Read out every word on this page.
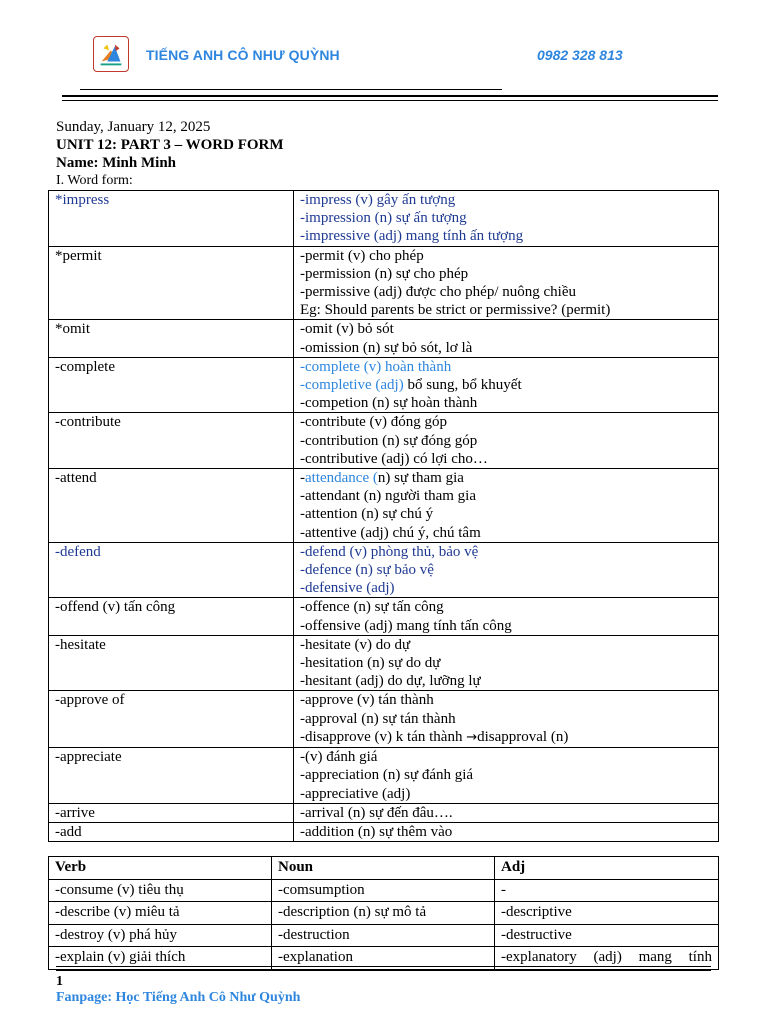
TIẾNG ANH CÔ NHƯ QUỲNH	0982 328 813
Sunday, January 12, 2025
UNIT 12: PART 3 – WORD FORM
Name: Minh Minh
I. Word form:
*impress	-impress (v) gây ấn tượng
-impression (n) sự ấn tượng
-impressive (adj) mang tính ấn tượng

*permit	-permit (v) cho phép
-permission (n) sự cho phép
-permissive (adj) được cho phép/ nuông chiều
Eg: Should parents be strict or permissive? (permit)

*omit	-omit (v) bỏ sót
-omission (n) sự bỏ sót, lơ là

-complete	-complete (v) hoàn thành
-completive (adj) bổ sung, bổ khuyết
-competion (n) sự hoàn thành

-contribute	-contribute (v) đóng góp
-contribution (n) sự đóng góp
-contributive (adj) có lợi cho…

-attend	-attendance (n) sự tham gia
-attendant (n) người tham gia
-attention (n) sự chú ý
-attentive (adj) chú ý, chú tâm

-defend	-defend (v) phòng thủ, bảo vệ
-defence (n) sự bảo vệ
-defensive (adj)

-offend (v) tấn công	-offence (n) sự tấn công
-offensive (adj) mang tính tấn công

-hesitate	-hesitate (v) do dự
-hesitation (n) sự do dự
-hesitant (adj) do dự, lưỡng lự

-approve of	-approve (v) tán thành
-approval (n) sự tán thành
-disapprove (v) k tán thành →disapproval (n)

-appreciate	-(v) đánh giá
-appreciation (n) sự đánh giá
-appreciative (adj)

-arrive	-arrival (n) sự đến đâu….

-add	-addition (n) sự thêm vào
Verb	Noun	Adj
-consume (v) tiêu thụ	-comsumption	-
-describe (v) miêu tả	-description (n) sự mô tả	-descriptive
-destroy (v) phá hủy	-destruction	-destructive
-explain (v) giải thích	-explanation	-explanatory (adj) mang tính
1
Fanpage: Học Tiếng Anh Cô Như Quỳnh
